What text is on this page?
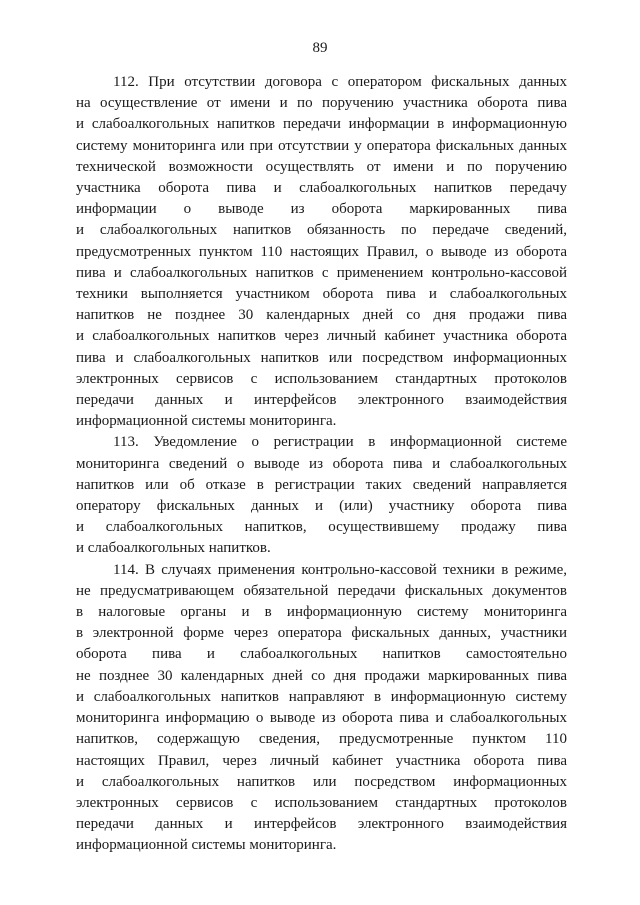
89
112. При отсутствии договора с оператором фискальных данных
на осуществление от имени и по поручению участника оборота пива
и слабоалкогольных напитков передачи информации в информационную
систему мониторинга или при отсутствии у оператора фискальных данных
технической возможности осуществлять от имени и по поручению
участника оборота пива и слабоалкогольных напитков передачу
информации о выводе из оборота маркированных пива
и слабоалкогольных напитков обязанность по передаче сведений,
предусмотренных пунктом 110 настоящих Правил, о выводе из оборота
пива и слабоалкогольных напитков с применением контрольно-кассовой
техники выполняется участником оборота пива и слабоалкогольных
напитков не позднее 30 календарных дней со дня продажи пива
и слабоалкогольных напитков через личный кабинет участника оборота
пива и слабоалкогольных напитков или посредством информационных
электронных сервисов с использованием стандартных протоколов
передачи данных и интерфейсов электронного взаимодействия
информационной системы мониторинга.
113. Уведомление о регистрации в информационной системе
мониторинга сведений о выводе из оборота пива и слабоалкогольных
напитков или об отказе в регистрации таких сведений направляется
оператору фискальных данных и (или) участнику оборота пива
и слабоалкогольных напитков, осуществившему продажу пива
и слабоалкогольных напитков.
114. В случаях применения контрольно-кассовой техники в режиме,
не предусматривающем обязательной передачи фискальных документов
в налоговые органы и в информационную систему мониторинга
в электронной форме через оператора фискальных данных, участники
оборота пива и слабоалкогольных напитков самостоятельно
не позднее 30 календарных дней со дня продажи маркированных пива
и слабоалкогольных напитков направляют в информационную систему
мониторинга информацию о выводе из оборота пива и слабоалкогольных
напитков, содержащую сведения, предусмотренные пунктом 110
настоящих Правил, через личный кабинет участника оборота пива
и слабоалкогольных напитков или посредством информационных
электронных сервисов с использованием стандартных протоколов
передачи данных и интерфейсов электронного взаимодействия
информационной системы мониторинга.
